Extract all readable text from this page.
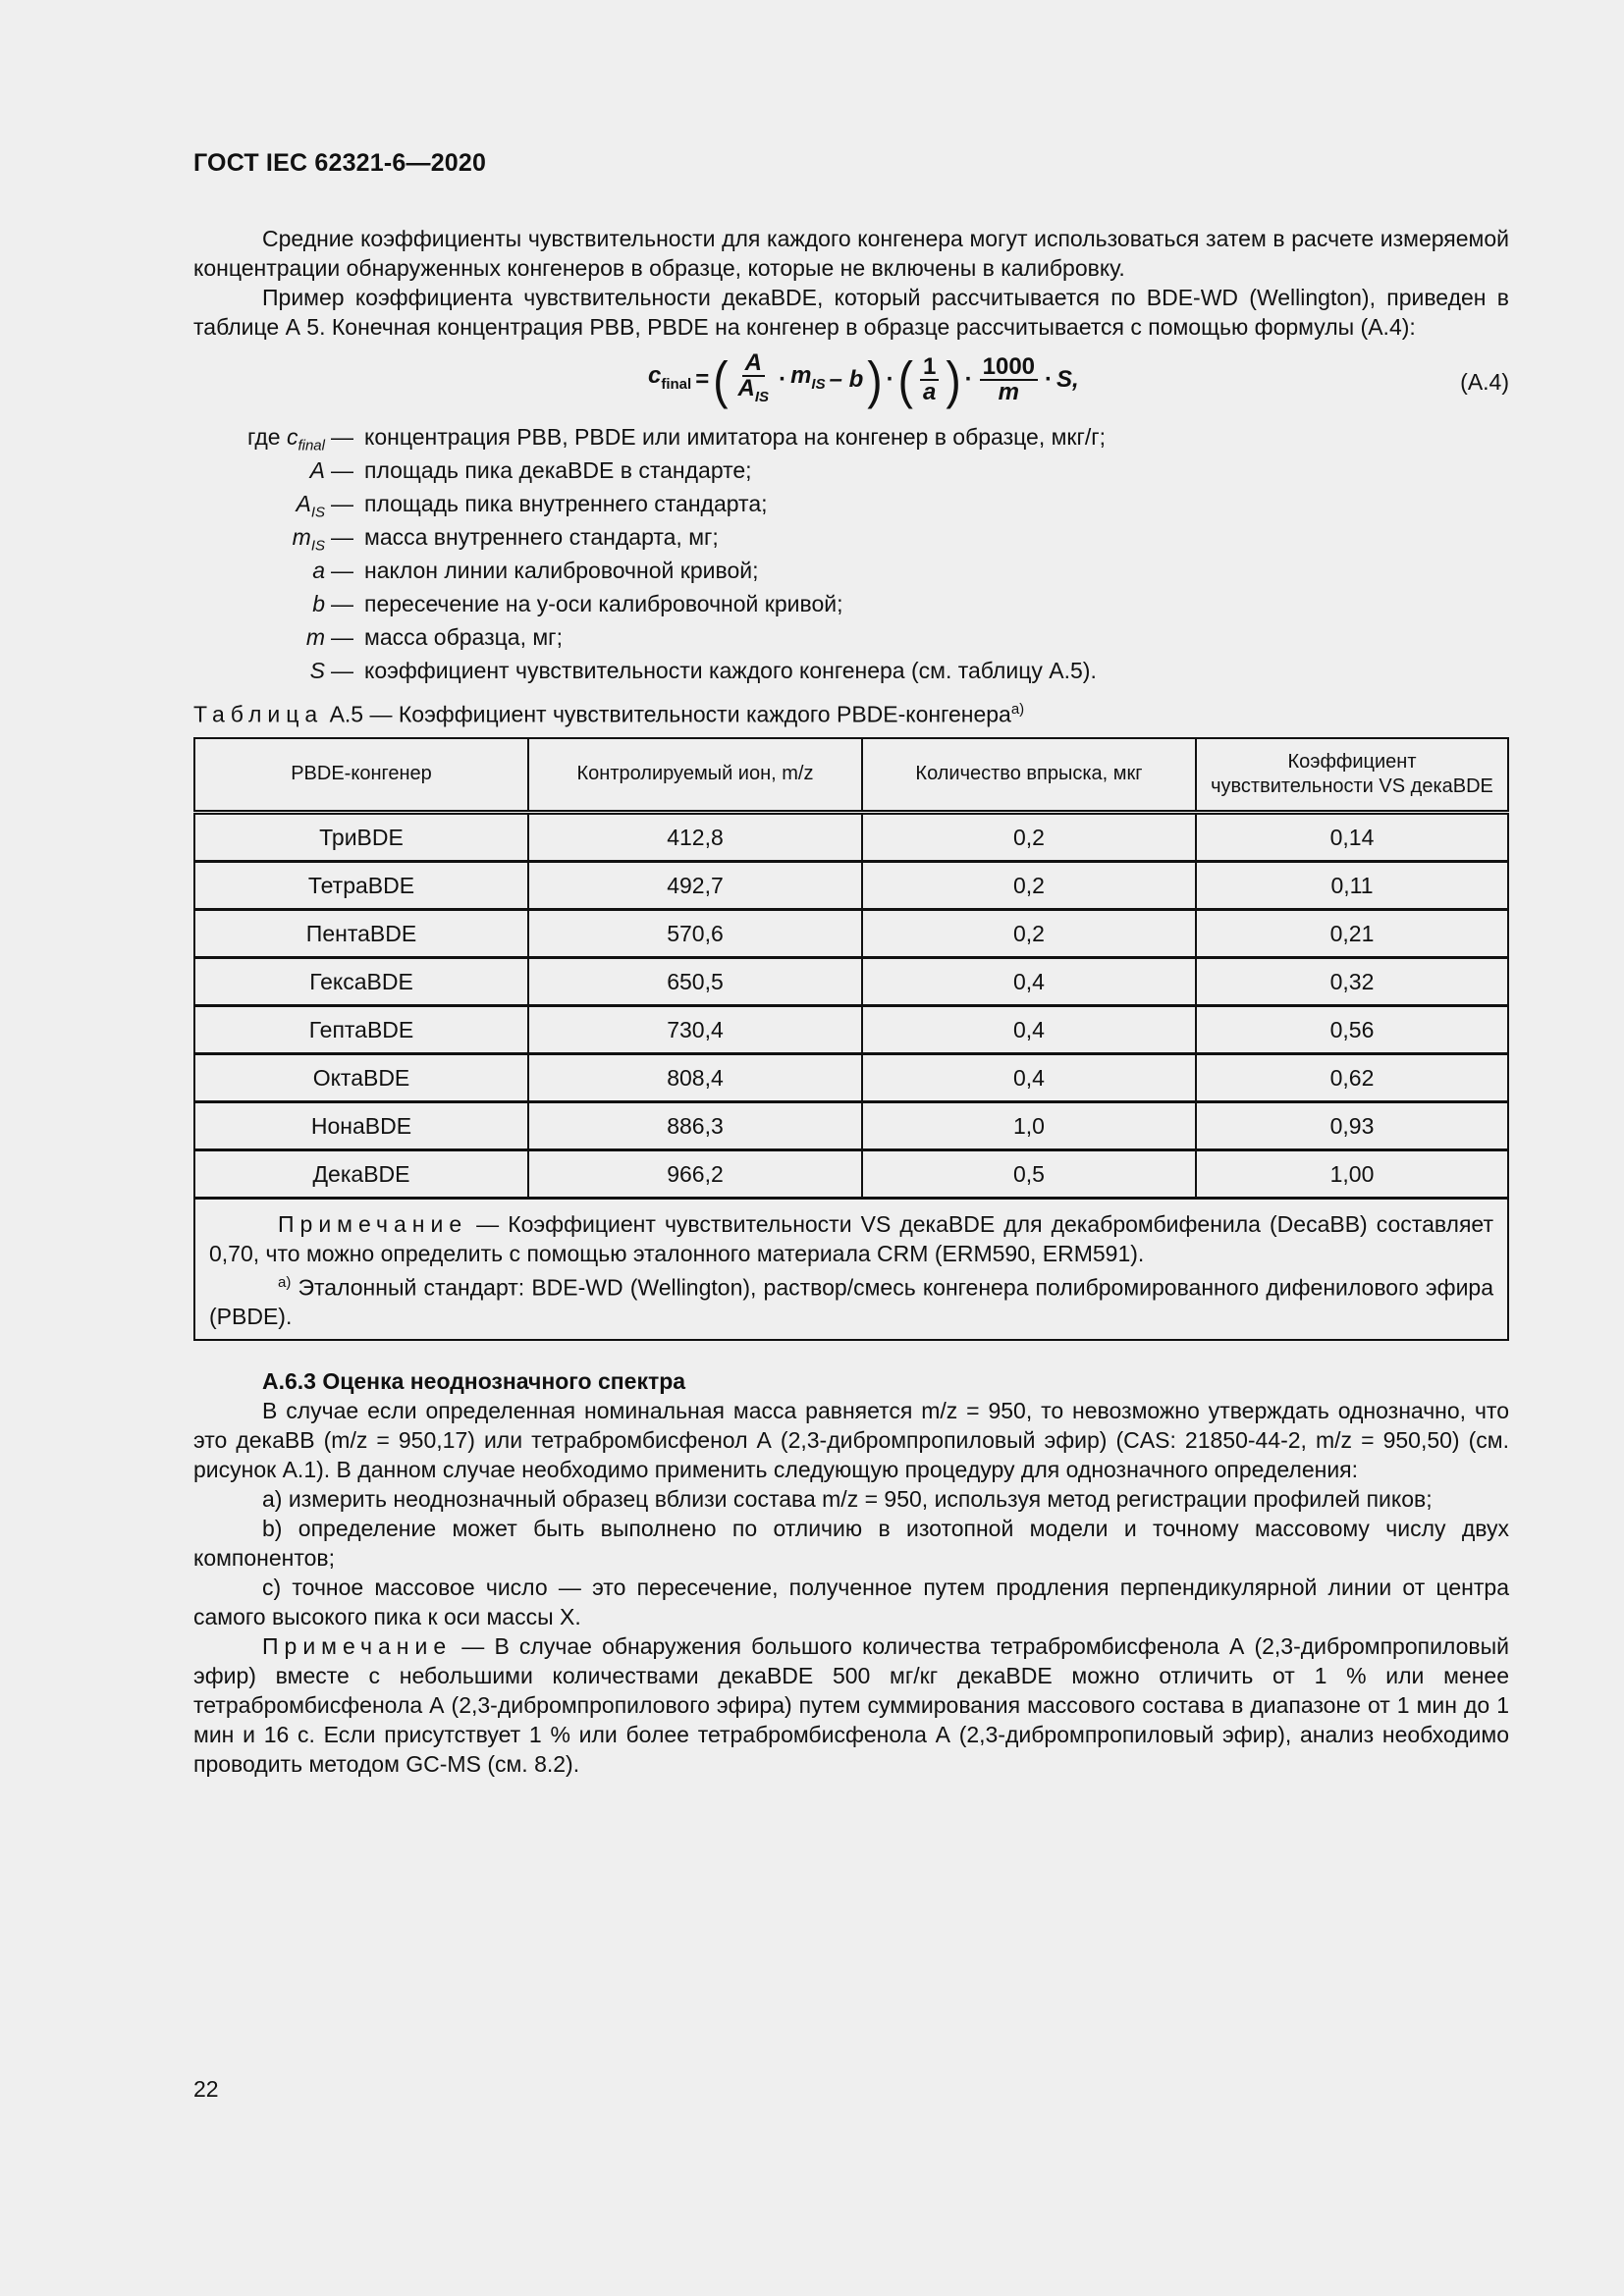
ГОСТ IEC 62321-6—2020

Средние коэффициенты чувствительности для каждого конгенера могут использоваться затем в расчете измеряемой концентрации обнаруженных конгенеров в образце, которые не включены в калибровку.

Пример коэффициента чувствительности декаBDE, который рассчитывается по BDE-WD (Wellington), приведен в таблице А 5. Конечная концентрация PBB, PBDE на конгенер в образце рассчитывается с помощью формулы (А.4):

$c_{final}$ = ( $\frac{A}{A_{IS}} \cdot m_{IS} - b$ ) · ( $\frac{1}{a}$ ) · $\frac{1000}{m} \cdot S$,	(А.4)
где $c_{final}$ — концентрация PBB, PBDE или имитатора на конгенер в образце, мкг/г;
A — площадь пика декаBDE в стандарте;
$A_{IS}$ — площадь пика внутреннего стандарта;
$m_{IS}$ — масса внутреннего стандарта, мг;
a — наклон линии калибровочной кривой;
b — пересечение на y-оси калибровочной кривой;
m — масса образца, мг;
S — коэффициент чувствительности каждого конгенера (см. таблицу А.5).
Таблица А.5 — Коэффициент чувствительности каждого PBDE-конгенера$^{a)}$
PBDE-конгенер	Контролируемый ион, m/z	Количество впрыска, мкг	Коэффициент чувствительности VS декаBDE
ТриBDE	412,8	0,2	0,14
ТетраBDE	492,7	0,2	0,11
ПентаBDE	570,6	0,2	0,21
ГексаBDE	650,5	0,4	0,32
ГептаBDE	730,4	0,4	0,56
ОктаBDE	808,4	0,4	0,62
НонаBDE	886,3	1,0	0,93
ДекаBDE	966,2	0,5	1,00

Примечание — Коэффициент чувствительности VS декаBDE для декабромбифенила (DecaBB) составляет 0,70, что можно определить с помощью эталонного материала CRM (ERM590, ERM591).
$^{a)}$ Эталонный стандарт: BDE-WD (Wellington), раствор/смесь конгенера полибромированного дифенилового эфира (PBDE).			
А.6.3 Оценка неоднозначного спектра

В случае если определенная номинальная масса равняется m/z = 950, то невозможно утверждать однозначно, что это декаBB (m/z = 950,17) или тетрабромбисфенол А (2,3-дибромпропиловый эфир) (CAS: 21850-44-2, m/z = 950,50) (см. рисунок А.1). В данном случае необходимо применить следующую процедуру для однозначного определения:

a) измерить неоднозначный образец вблизи состава m/z = 950, используя метод регистрации профилей пиков;

b) определение может быть выполнено по отличию в изотопной модели и точному массовому числу двух компонентов;

c) точное массовое число — это пересечение, полученное путем продления перпендикулярной линии от центра самого высокого пика к оси массы X.

Примечание — В случае обнаружения большого количества тетрабромбисфенола А (2,3-дибромпропиловый эфир) вместе с небольшими количествами декаBDE 500 мг/кг декаBDE можно отличить от 1 % или менее тетрабромбисфенола А (2,3-дибромпропилового эфира) путем суммирования массового состава в диапазоне от 1 мин до 1 мин и 16 с. Если присутствует 1 % или более тетрабромбисфенола А (2,3-дибромпропиловый эфир), анализ необходимо проводить методом GC-MS (см. 8.2).

22
